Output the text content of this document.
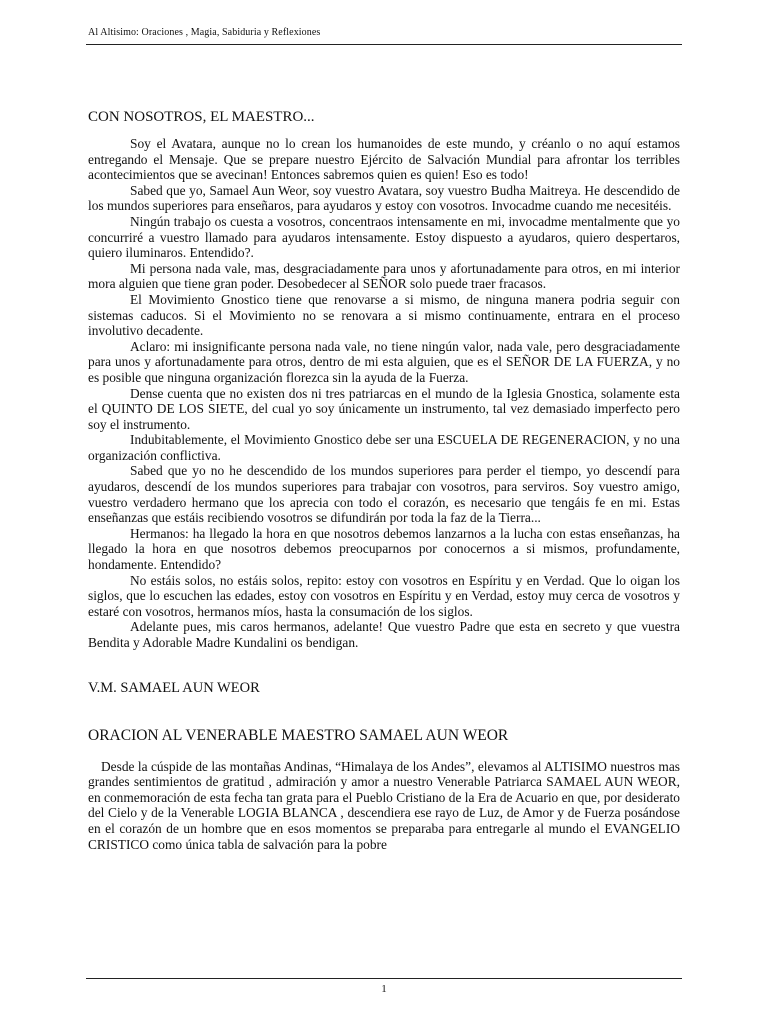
Al Altisimo: Oraciones , Magia, Sabiduria y Reflexiones
CON NOSOTROS, EL MAESTRO...

Soy el Avatara, aunque no lo crean los humanoides de este mundo, y créanlo o no aquí estamos entregando el Mensaje. Que se prepare nuestro Ejército de Salvación Mundial para afrontar los terribles acontecimientos que se avecinan! Entonces sabremos quien es quien! Eso es todo!

Sabed que yo, Samael Aun Weor, soy vuestro Avatara, soy vuestro Budha Maitreya. He descendido de los mundos superiores para enseñaros, para ayudaros y estoy con vosotros. Invocadme cuando me necesitéis.

Ningún trabajo os cuesta a vosotros, concentraos intensamente en mi, invocadme mentalmente que yo concurriré a vuestro llamado para ayudaros intensamente. Estoy dispuesto a ayudaros, quiero despertaros, quiero iluminaros. Entendido?.

Mi persona nada vale, mas, desgraciadamente para unos y afortunadamente para otros, en mi interior mora alguien que tiene gran poder. Desobedecer al SEÑOR solo puede traer fracasos.

El Movimiento Gnostico tiene que renovarse a si mismo, de ninguna manera podria seguir con sistemas caducos. Si el Movimiento no se renovara a si mismo continuamente, entrara en el proceso involutivo decadente.

Aclaro: mi insignificante persona nada vale, no tiene ningún valor, nada vale, pero desgraciadamente para unos y afortunadamente para otros, dentro de mi esta alguien, que es el SEÑOR DE LA FUERZA, y no es posible que ninguna organización florezca sin la ayuda de la Fuerza.

Dense cuenta que no existen dos ni tres patriarcas en el mundo de la Iglesia Gnostica, solamente esta el QUINTO DE LOS SIETE, del cual yo soy únicamente un instrumento, tal vez demasiado imperfecto pero soy el instrumento.

Indubitablemente, el Movimiento Gnostico debe ser una ESCUELA DE REGENERACION, y no una organización conflictiva.

Sabed que yo no he descendido de los mundos superiores para perder el tiempo, yo descendí para ayudaros, descendí de los mundos superiores para trabajar con vosotros, para serviros. Soy vuestro amigo, vuestro verdadero hermano que los aprecia con todo el corazón, es necesario que tengáis fe en mi. Estas enseñanzas que estáis recibiendo vosotros se difundirán por toda la faz de la Tierra...

Hermanos: ha llegado la hora en que nosotros debemos lanzarnos a la lucha con estas enseñanzas, ha llegado la hora en que nosotros debemos preocuparnos por conocernos a si mismos, profundamente, hondamente. Entendido?

No estáis solos, no estáis solos, repito: estoy con vosotros en Espíritu y en Verdad. Que lo oigan los siglos, que lo escuchen las edades, estoy con vosotros en Espíritu y en Verdad, estoy muy cerca de vosotros y estaré con vosotros, hermanos míos, hasta la consumación de los siglos.

Adelante pues, mis caros hermanos, adelante! Que vuestro Padre que esta en secreto y que vuestra Bendita y Adorable Madre Kundalini os bendigan.

V.M. SAMAEL AUN WEOR
ORACION AL VENERABLE MAESTRO SAMAEL AUN WEOR

Desde la cúspide de las montañas Andinas, “Himalaya de los Andes”, elevamos al ALTISIMO nuestros mas grandes sentimientos de gratitud , admiración y amor a nuestro Venerable Patriarca SAMAEL AUN WEOR, en conmemoración de esta fecha tan grata para el Pueblo Cristiano de la Era de Acuario en que, por desiderato del Cielo y de la Venerable LOGIA BLANCA , descendiera ese rayo de Luz, de Amor y de Fuerza posándose en el corazón de un hombre que en esos momentos se preparaba para entregarle al mundo el EVANGELIO CRISTICO como única tabla de salvación para la pobre

1
